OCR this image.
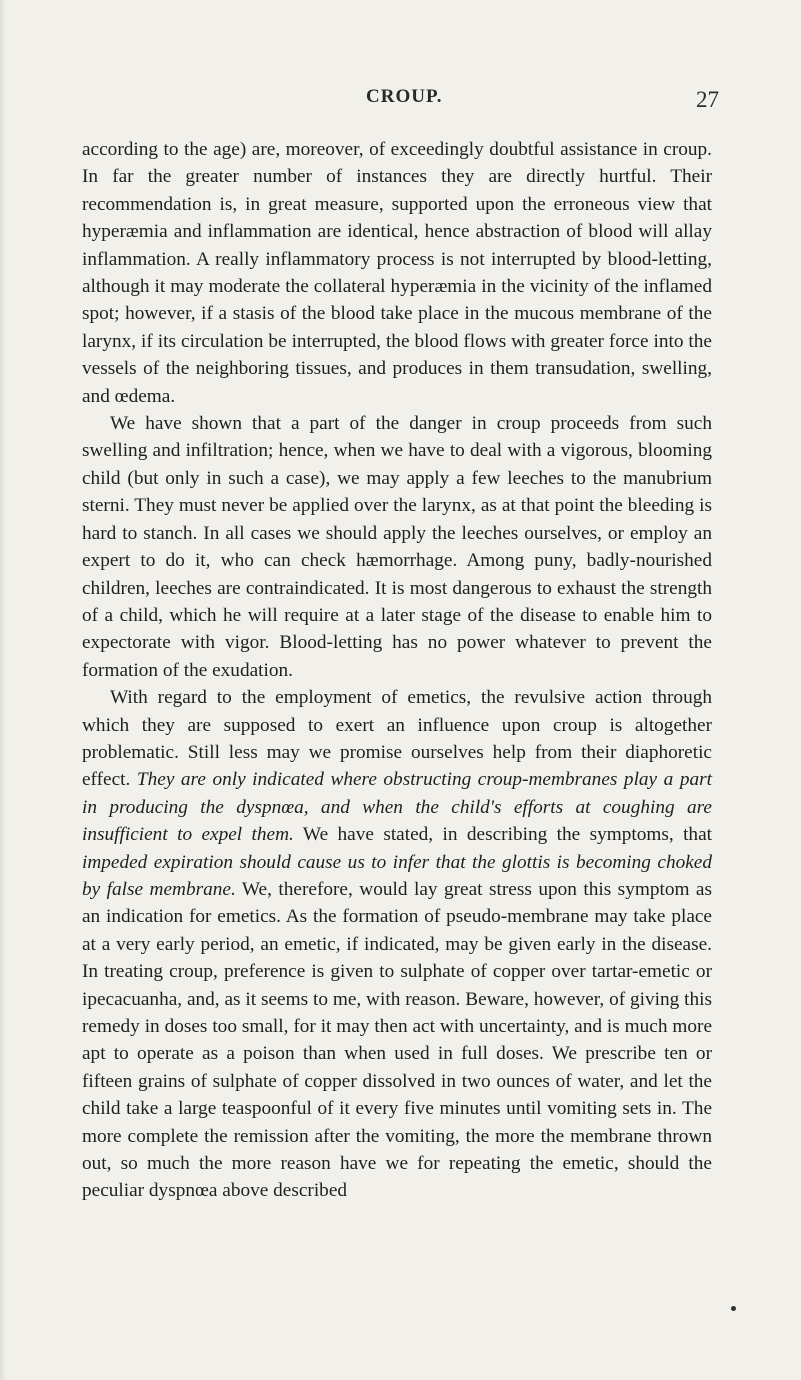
CROUP.	27

according to the age) are, moreover, of exceedingly doubtful assistance in croup. In far the greater number of instances they are directly hurtful. Their recommendation is, in great measure, supported upon the erroneous view that hyperæmia and inflammation are identical, hence abstraction of blood will allay inflammation. A really inflammatory process is not interrupted by blood-letting, although it may moderate the collateral hyperæmia in the vicinity of the inflamed spot; however, if a stasis of the blood take place in the mucous membrane of the larynx, if its circulation be interrupted, the blood flows with greater force into the vessels of the neighboring tissues, and produces in them transudation, swelling, and œdema.

We have shown that a part of the danger in croup proceeds from such swelling and infiltration; hence, when we have to deal with a vigorous, blooming child (but only in such a case), we may apply a few leeches to the manubrium sterni. They must never be applied over the larynx, as at that point the bleeding is hard to stanch. In all cases we should apply the leeches ourselves, or employ an expert to do it, who can check hæmorrhage. Among puny, badly-nourished children, leeches are contraindicated. It is most dangerous to exhaust the strength of a child, which he will require at a later stage of the disease to enable him to expectorate with vigor. Blood-letting has no power whatever to prevent the formation of the exudation.

With regard to the employment of emetics, the revulsive action through which they are supposed to exert an influence upon croup is altogether problematic. Still less may we promise ourselves help from their diaphoretic effect. They are only indicated where obstructing croup-membranes play a part in producing the dyspnœa, and when the child's efforts at coughing are insufficient to expel them. We have stated, in describing the symptoms, that impeded expiration should cause us to infer that the glottis is becoming choked by false membrane. We, therefore, would lay great stress upon this symptom as an indication for emetics. As the formation of pseudo-membrane may take place at a very early period, an emetic, if indicated, may be given early in the disease. In treating croup, preference is given to sulphate of copper over tartar-emetic or ipecacuanha, and, as it seems to me, with reason. Beware, however, of giving this remedy in doses too small, for it may then act with uncertainty, and is much more apt to operate as a poison than when used in full doses. We prescribe ten or fifteen grains of sulphate of copper dissolved in two ounces of water, and let the child take a large teaspoonful of it every five minutes until vomiting sets in. The more complete the remission after the vomiting, the more the membrane thrown out, so much the more reason have we for repeating the emetic, should the peculiar dyspnœa above described
